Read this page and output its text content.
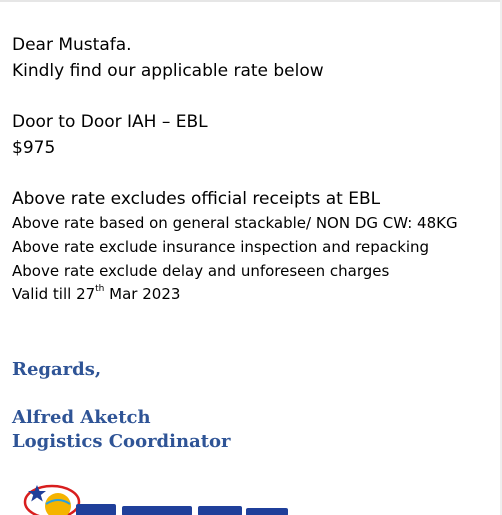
Dear Mustafa.
Kindly find our applicable rate below
Door to Door IAH – EBL
$975
Above rate excludes official receipts at EBL
Above rate based on general stackable/ NON DG CW: 48KG
Above rate exclude insurance inspection and repacking
Above rate exclude delay and unforeseen charges
Valid till 27th Mar 2023
Regards,
Alfred Aketch
Logistics Coordinator
